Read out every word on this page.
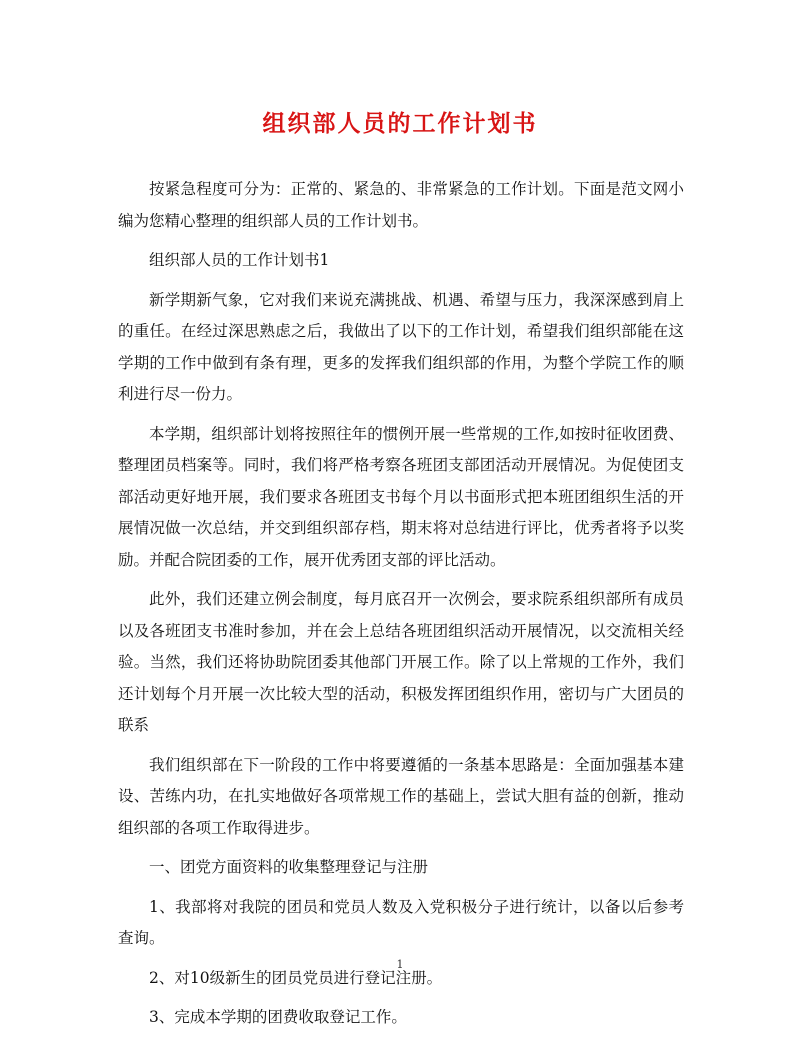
组织部人员的工作计划书

按紧急程度可分为：正常的、紧急的、非常紧急的工作计划。下面是范文网小编为您精心整理的组织部人员的工作计划书。

组织部人员的工作计划书1

新学期新气象，它对我们来说充满挑战、机遇、希望与压力，我深深感到肩上的重任。在经过深思熟虑之后，我做出了以下的工作计划，希望我们组织部能在这学期的工作中做到有条有理，更多的发挥我们组织部的作用，为整个学院工作的顺利进行尽一份力。

本学期，组织部计划将按照往年的惯例开展一些常规的工作,如按时征收团费、整理团员档案等。同时，我们将严格考察各班团支部团活动开展情况。为促使团支部活动更好地开展，我们要求各班团支书每个月以书面形式把本班团组织生活的开展情况做一次总结，并交到组织部存档，期末将对总结进行评比，优秀者将予以奖励。并配合院团委的工作，展开优秀团支部的评比活动。

此外，我们还建立例会制度，每月底召开一次例会，要求院系组织部所有成员以及各班团支书准时参加，并在会上总结各班团组织活动开展情况，以交流相关经验。当然，我们还将协助院团委其他部门开展工作。除了以上常规的工作外，我们还计划每个月开展一次比较大型的活动，积极发挥团组织作用，密切与广大团员的联系

我们组织部在下一阶段的工作中将要遵循的一条基本思路是：全面加强基本建设、苦练内功，在扎实地做好各项常规工作的基础上，尝试大胆有益的创新，推动组织部的各项工作取得进步。

一、团党方面资料的收集整理登记与注册

1、我部将对我院的团员和党员人数及入党积极分子进行统计，以备以后参考查询。

2、对10级新生的团员党员进行登记注册。

3、完成本学期的团费收取登记工作。

1
